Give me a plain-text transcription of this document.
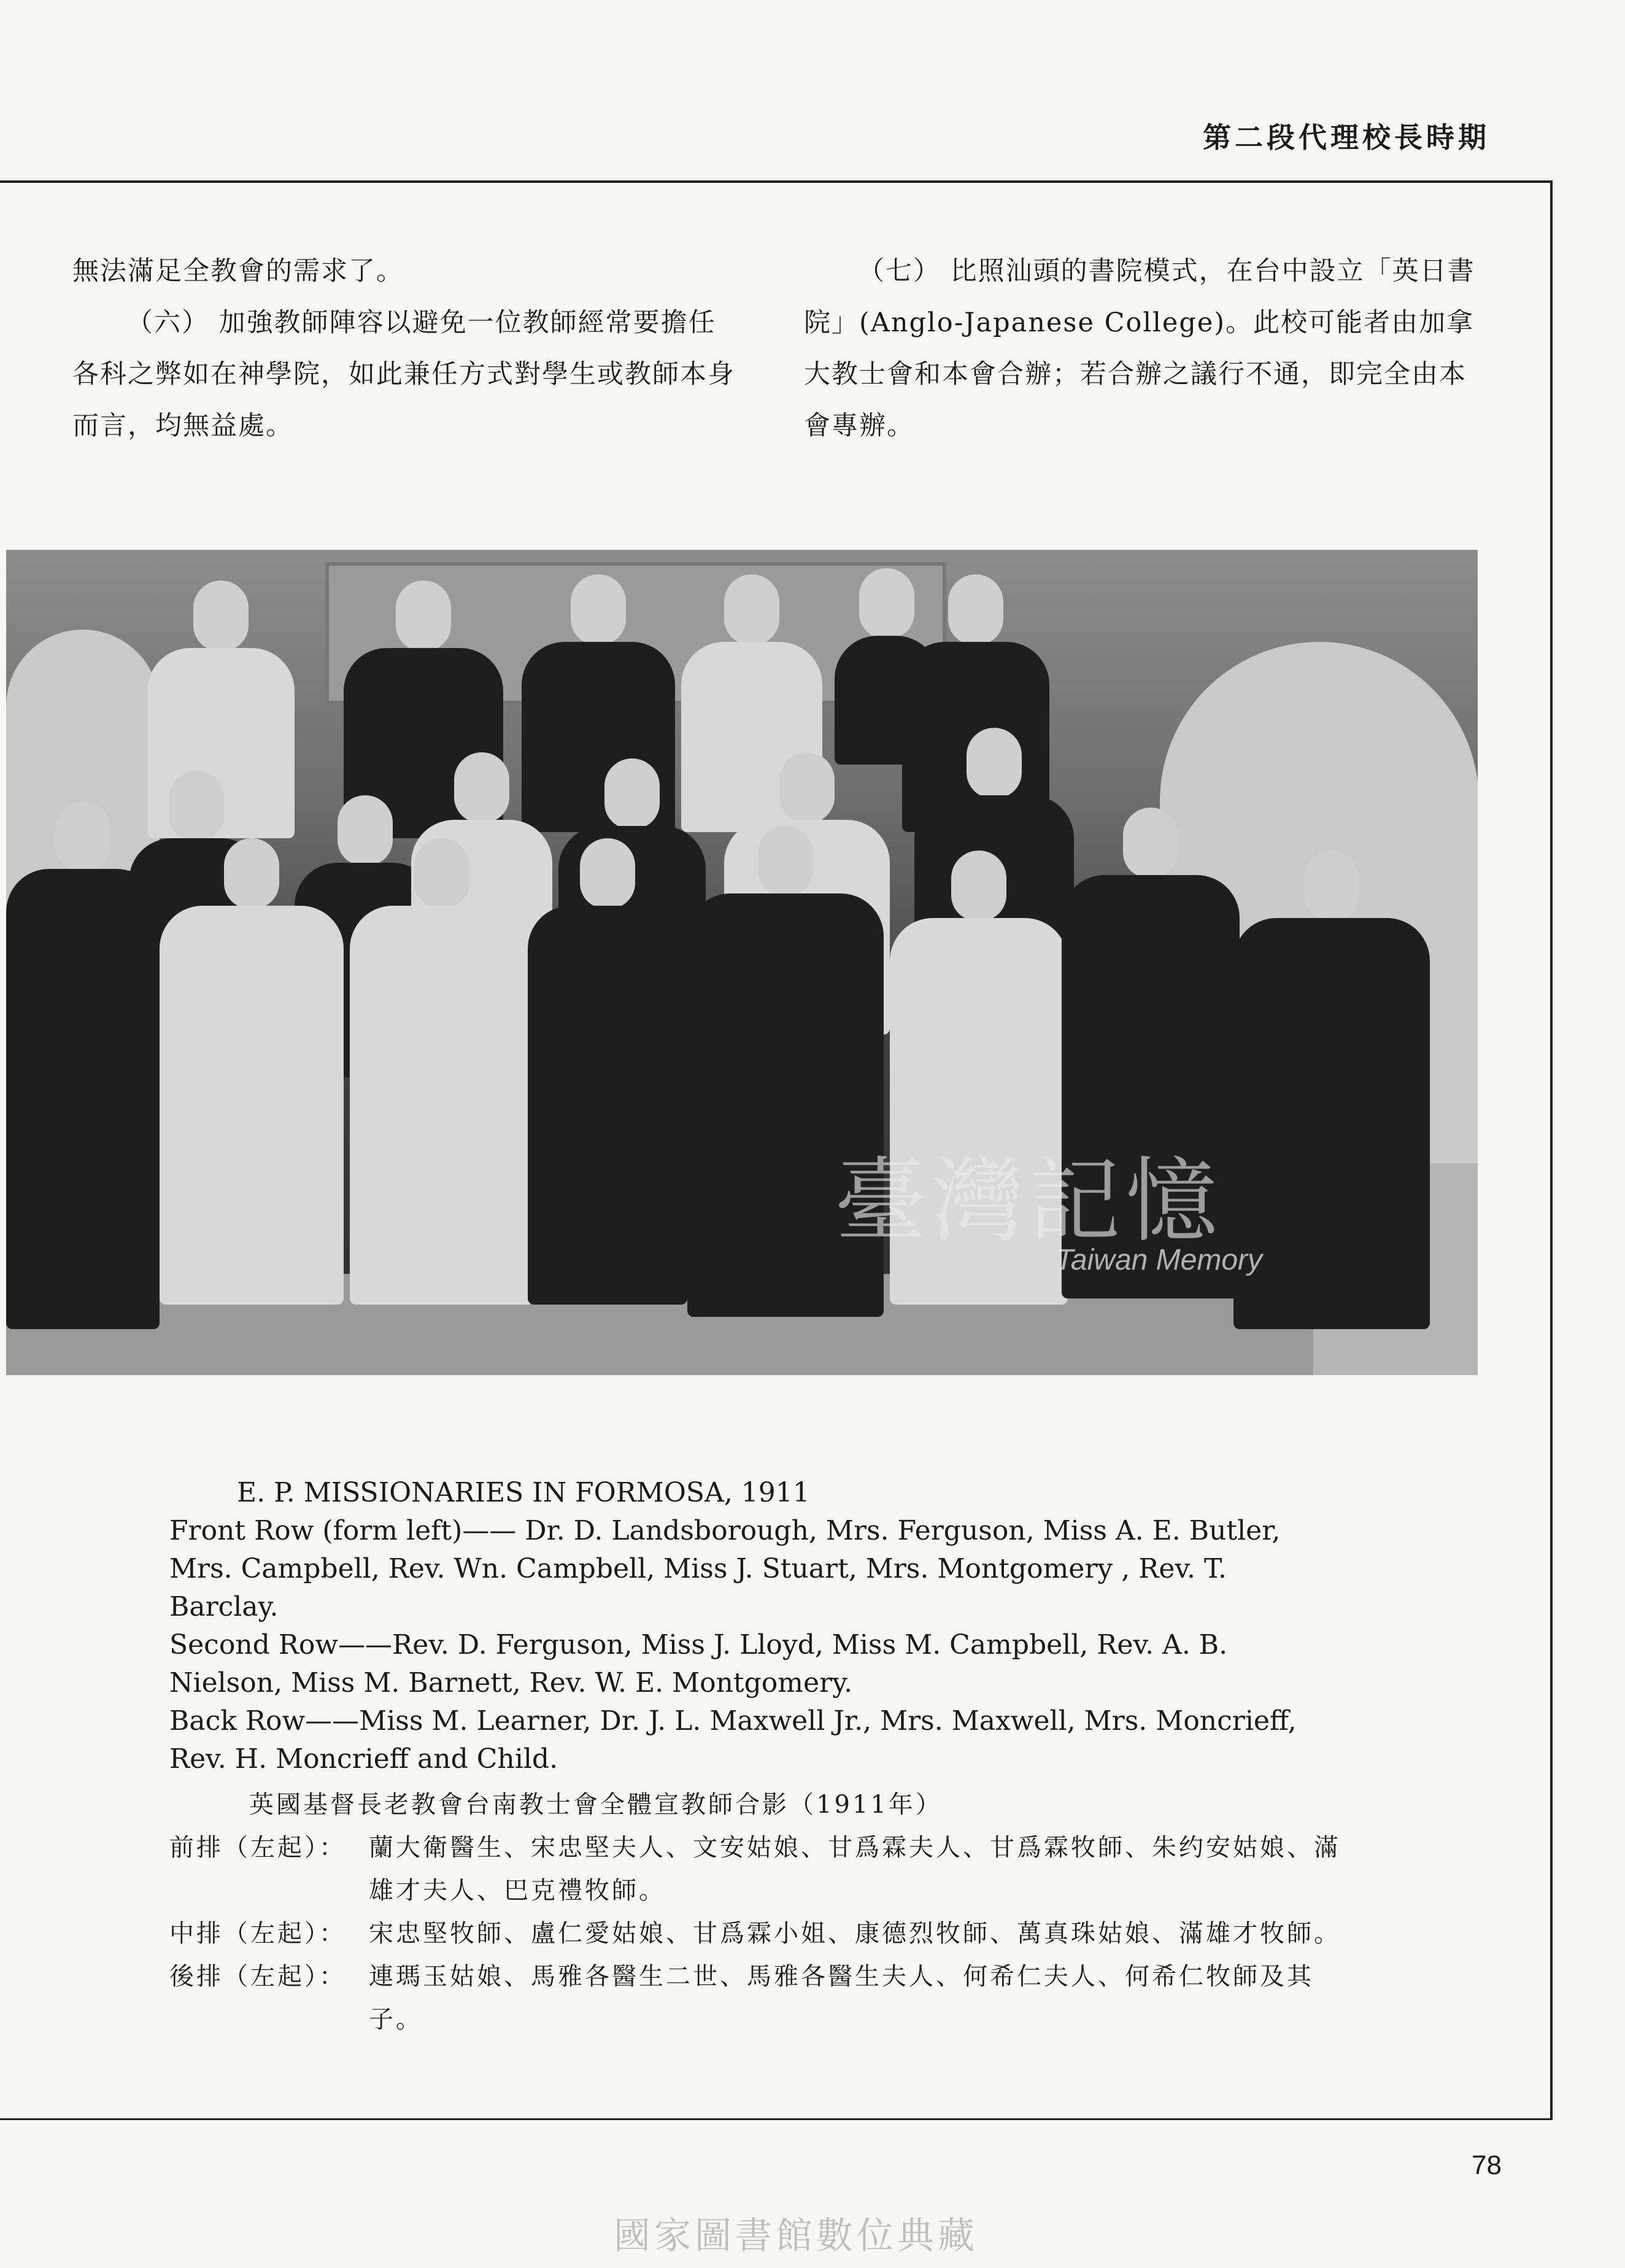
第二段代理校長時期

無法滿足全教會的需求了。

（六） 加強教師陣容以避免一位教師經常要擔任各科之弊如在神學院，如此兼任方式對學生或教師本身而言，均無益處。

（七） 比照汕頭的書院模式，在台中設立「英日書院」(Anglo-Japanese College)。此校可能者由加拿大教士會和本會合辦；若合辦之議行不通，即完全由本會專辦。

臺灣記憶
Taiwan Memory
E. P. MISSIONARIES IN FORMOSA, 1911
Front Row (form left)—— Dr. D. Landsborough, Mrs. Ferguson, Miss A. E. Butler, Mrs. Campbell, Rev. Wn. Campbell, Miss J. Stuart, Mrs. Montgomery , Rev. T. Barclay.
Second Row——Rev. D. Ferguson, Miss J. Lloyd, Miss M. Campbell, Rev. A. B. Nielson, Miss M. Barnett, Rev. W. E. Montgomery.
Back Row——Miss M. Learner, Dr. J. L. Maxwell Jr., Mrs. Maxwell, Mrs. Moncrieff, Rev. H. Moncrieff and Child.
英國基督長老教會台南教士會全體宣教師合影（1911年）
前排（左起）： 蘭大衛醫生、宋忠堅夫人、文安姑娘、甘爲霖夫人、甘爲霖牧師、朱约安姑娘、滿雄才夫人、巴克禮牧師。
中排（左起）： 宋忠堅牧師、盧仁愛姑娘、甘爲霖小姐、康德烈牧師、萬真珠姑娘、滿雄才牧師。
後排（左起）： 連瑪玉姑娘、馬雅各醫生二世、馬雅各醫生夫人、何希仁夫人、何希仁牧師及其子。
78
國家圖書館數位典藏
